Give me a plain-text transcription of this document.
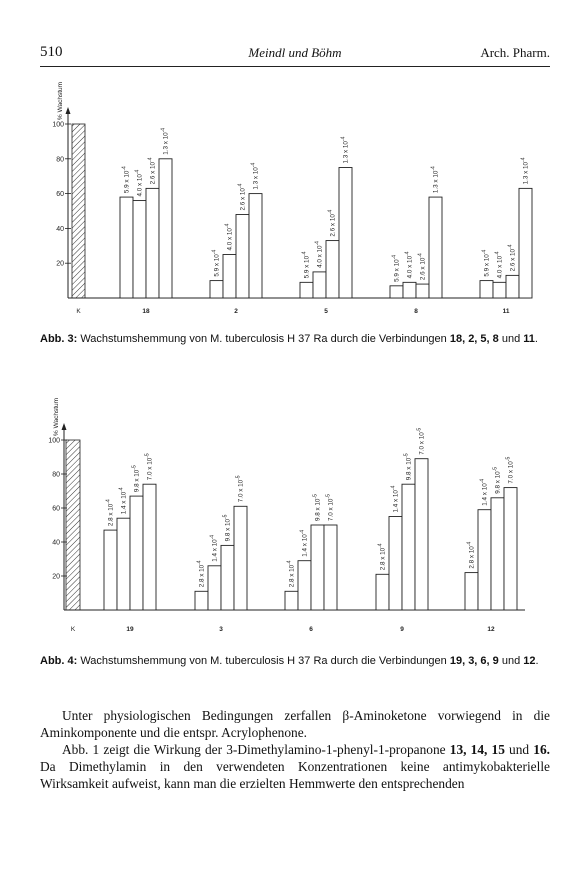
510	Meindl und Böhm	Arch. Pharm.
% Wachstum
20
40
60
80
100
K
5.9 x $10^{-4}$
4.0 x $10^{-4}$	2.6 x $10^{-4}$
1.3 x $10^{-4}$
18
5.9 x $10^{-4}$
4.0 x $10^{-4}$
2.6 x $10^{-4}$	1.3 x $10^{-4}$
2
5.9 x $10^{-4}$	4.0 x $10^{-4}$
2.6 x $10^{-4}$
1.3 x $10^{-4}$
5
5.9 x $10^{-4}$	4.0 x $10^{-4}$
2.6 x $10^{-4}$
1.3 x $10^{-4}$
8
5.9 x $10^{-4}$
4.0 x $10^{-4}$	2.6 x $10^{-4}$
1.3 x $10^{-4}$
11
Abb. 3: Wachstumshemmung von M. tuberculosis H 37 Ra durch die Verbindungen 18, 2, 5, 8 und 11.
% Wachstum
20
40
60
80
100
K
2.8 x $10^{-4}$	1.4 x $10^{-4}$	9.8 x $10^{-5}$	7.0 x $10^{-5}$
19
2.8 x $10^{-4}$
1.4 x $10^{-4}$	9.8 x $10^{-5}$
7.0 x $10^{-5}$
3
2.8 x $10^{-4}$
1.4 x $10^{-4}$
9.8 x $10^{-5}$
7.0 x $10^{-5}$
6
2.8 x $10^{-4}$
1.4 x $10^{-4}$
9.8 x $10^{-5}$
7.0 x $10^{-5}$
9
2.8 x $10^{-4}$
1.4 x $10^{-4}$	9.8 x $10^{-5}$	7.0 x $10^{-5}$
12
Abb. 4: Wachstumshemmung von M. tuberculosis H 37 Ra durch die Verbindungen 19, 3, 6, 9 und 12.

Unter physiologischen Bedingungen zerfallen β-Aminoketone vorwiegend in die Aminkomponente und die entspr. Acrylophenone.

Abb. 1 zeigt die Wirkung der 3-Dimethylamino-1-phenyl-1-propanone 13, 14, 15 und 16. Da Dimethylamin in den verwendeten Konzentrationen keine antimykobakterielle Wirksamkeit aufweist, kann man die erzielten Hemmwerte den entsprechenden
